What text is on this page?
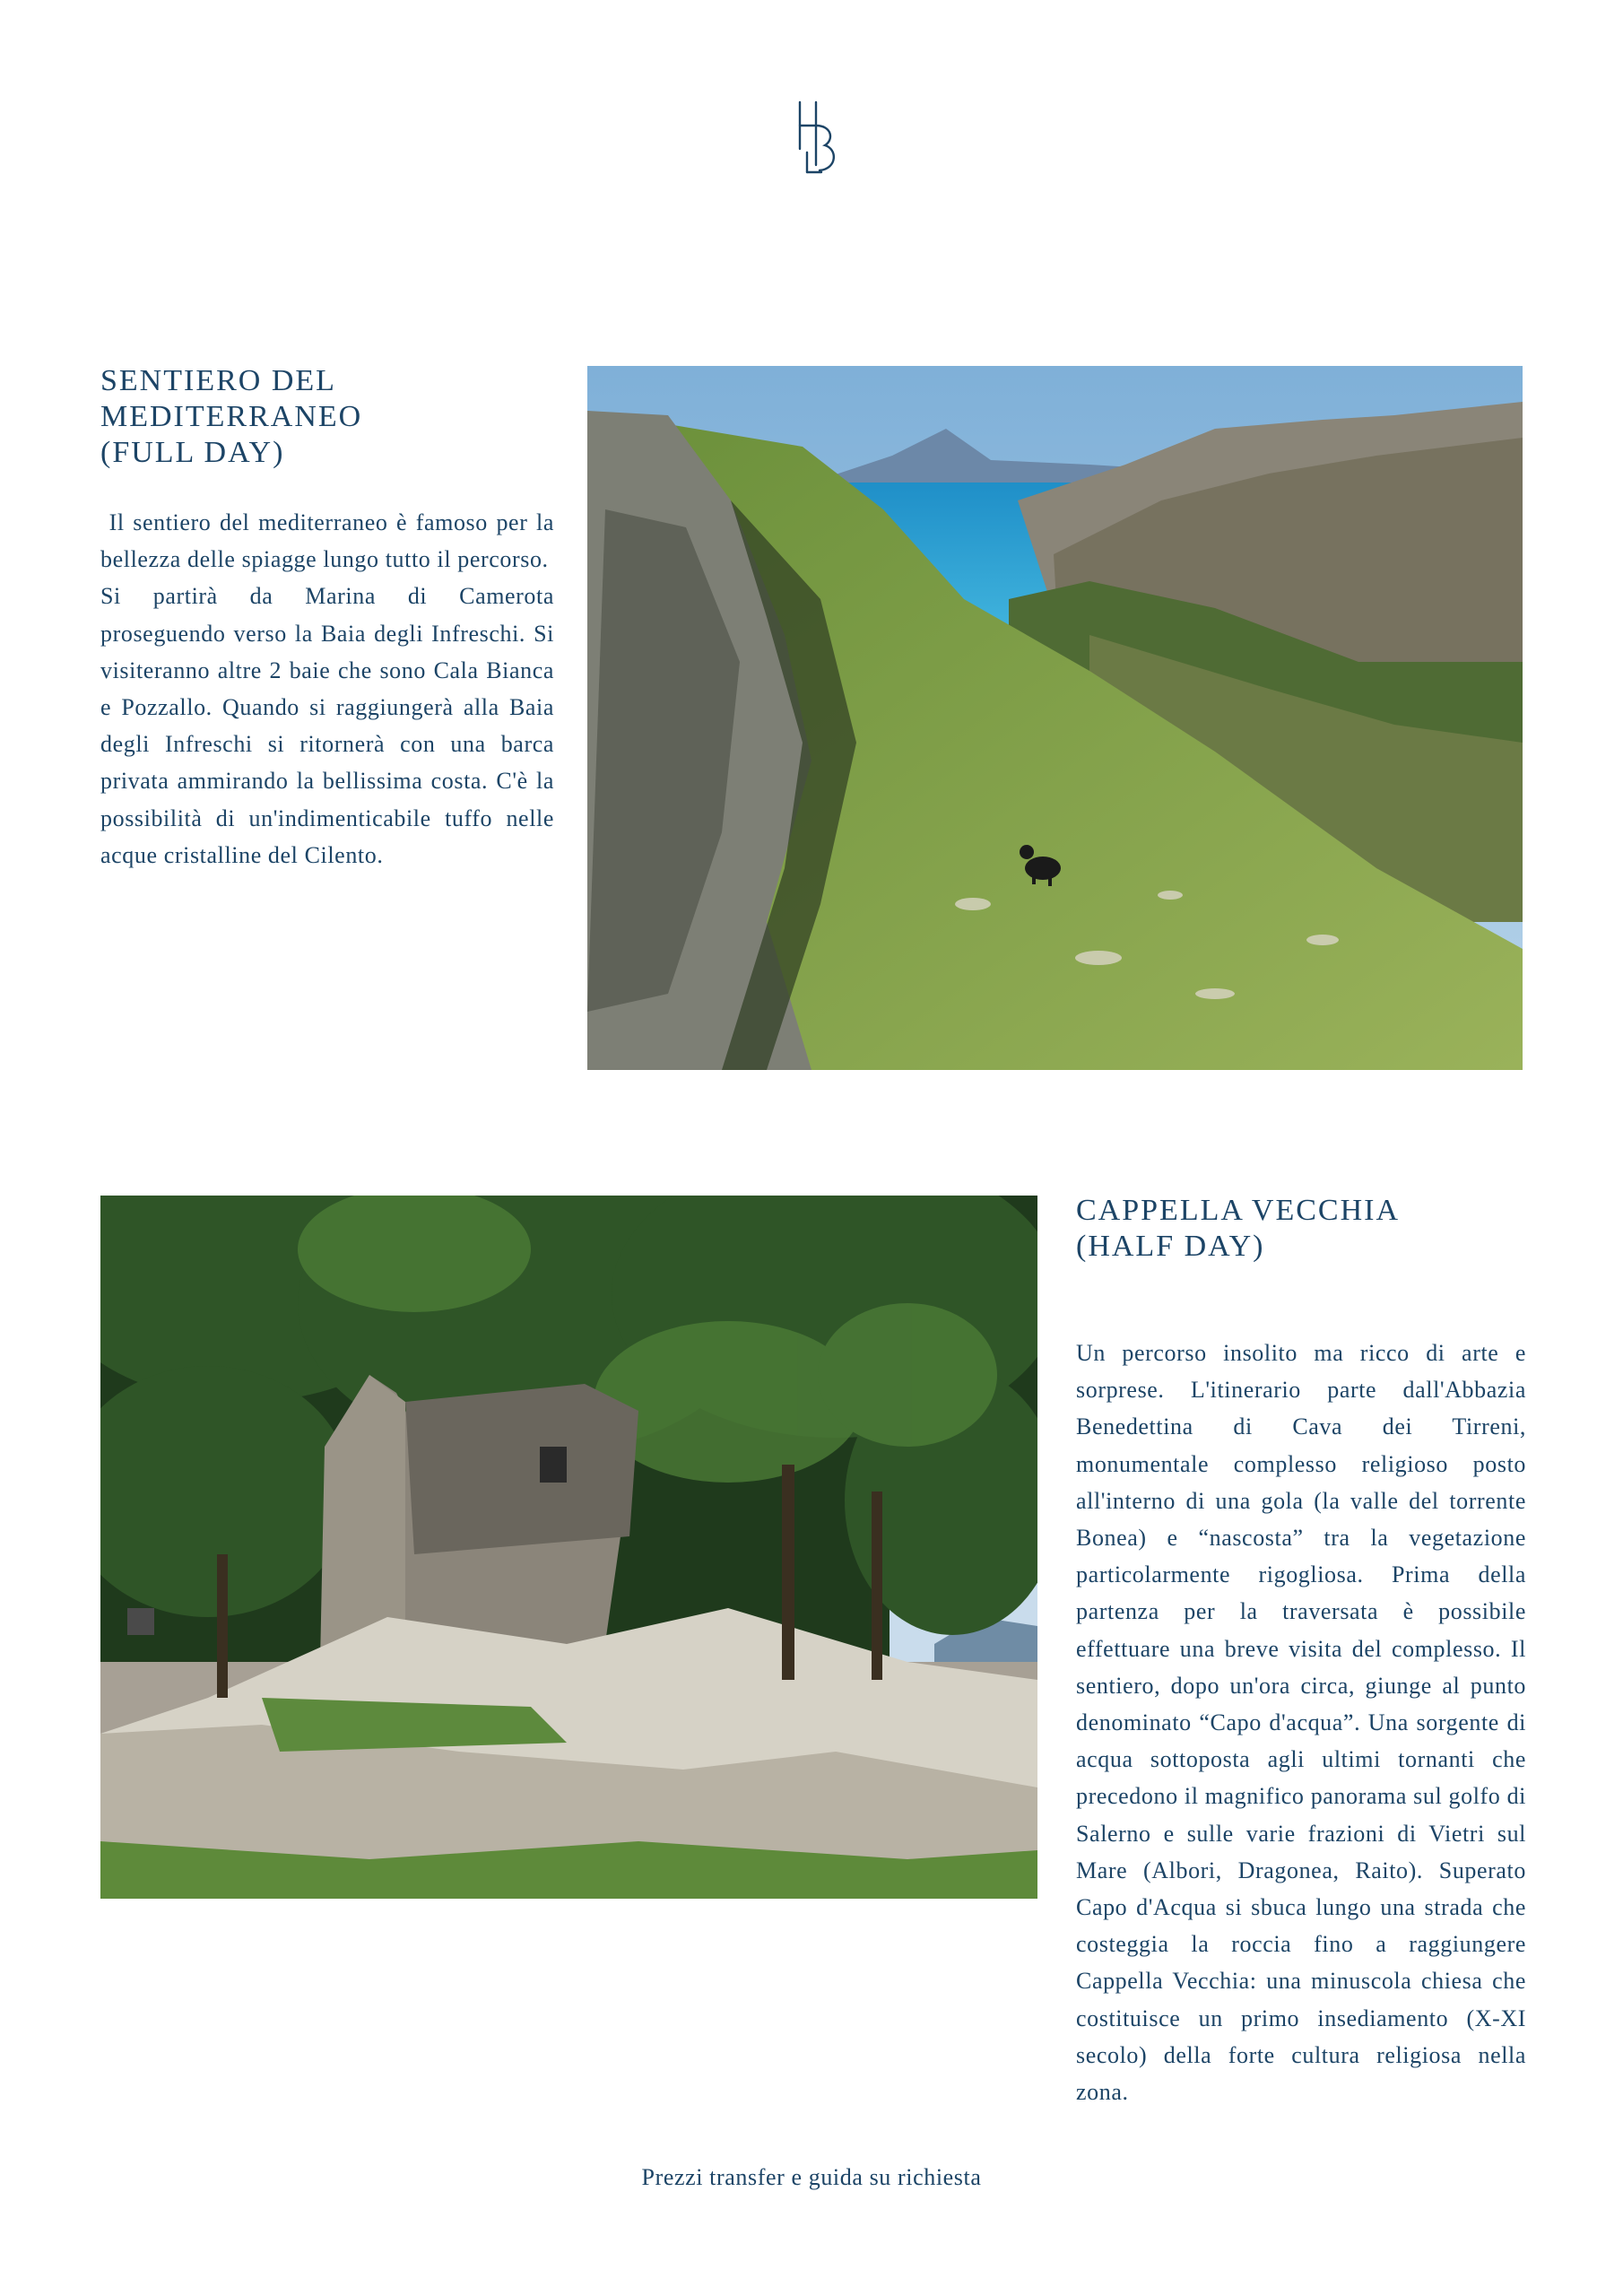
SENTIERO DEL
MEDITERRANEO
(FULL DAY)
Il sentiero del mediterraneo è famoso per la bellezza delle spiagge lungo tutto il percorso.
Si partirà da Marina di Camerota proseguendo verso la Baia degli Infreschi. Si visiteranno altre 2 baie che sono Cala Bianca e Pozzallo. Quando si raggiungerà alla Baia degli Infreschi si ritornerà con una barca privata ammirando la bellissima costa. C'è la possibilità di un'indimenticabile tuffo nelle acque cristalline del Cilento.
CAPPELLA VECCHIA
(HALF DAY)
Un percorso insolito ma ricco di arte e sorprese. L'itinerario parte dall'Abbazia Benedettina di Cava dei Tirreni, monumentale complesso religioso posto all'interno di una gola (la valle del torrente Bonea) e “nascosta” tra la vegetazione particolarmente rigogliosa. Prima della partenza per la traversata è possibile effettuare una breve visita del complesso. Il sentiero, dopo un'ora circa, giunge al punto denominato “Capo d'acqua”. Una sorgente di acqua sottoposta agli ultimi tornanti che precedono il magnifico panorama sul golfo di Salerno e sulle varie frazioni di Vietri sul Mare (Albori, Dragonea, Raito). Superato Capo d'Acqua si sbuca lungo una strada che costeggia la roccia fino a raggiungere Cappella Vecchia: una minuscola chiesa che costituisce un primo insediamento (X-XI secolo) della forte cultura religiosa nella zona.
Prezzi transfer e guida su richiesta
